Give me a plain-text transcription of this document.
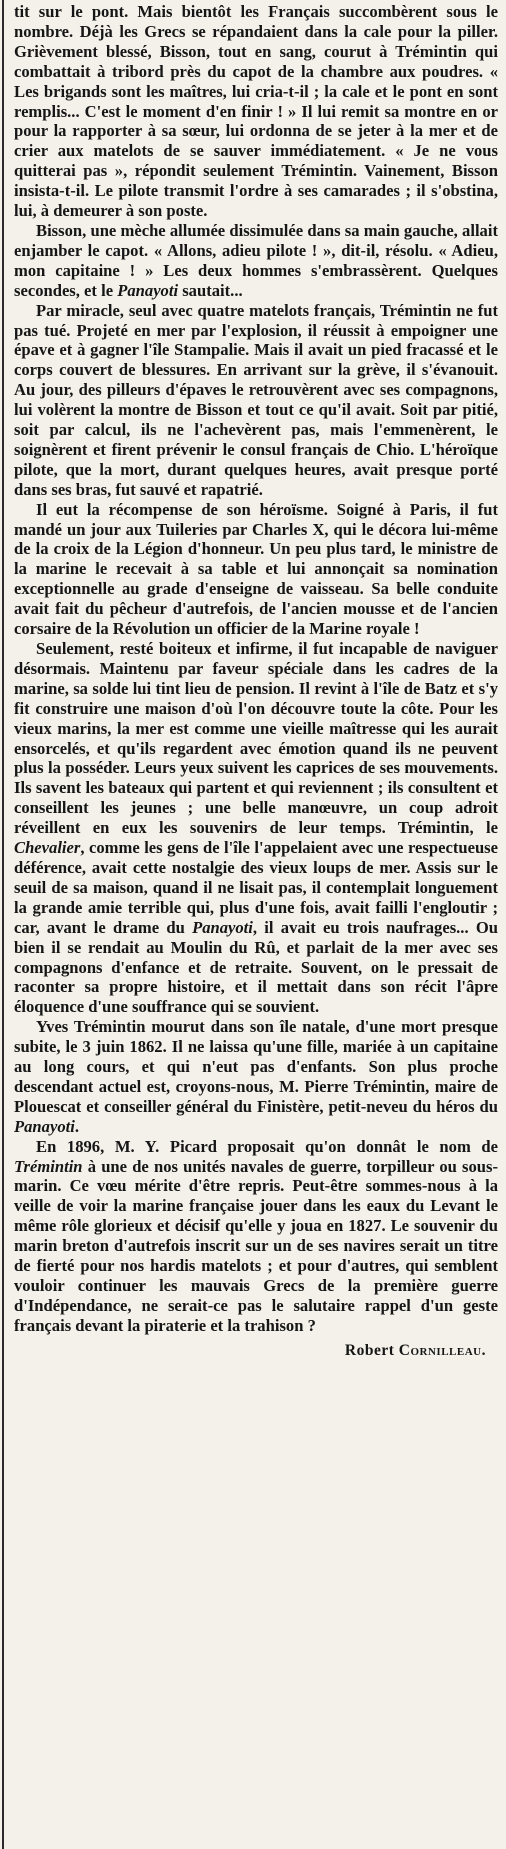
tit sur le pont. Mais bientôt les Français succombèrent sous le nombre. Déjà les Grecs se répandaient dans la cale pour la piller. Grièvement blessé, Bisson, tout en sang, courut à Trémintin qui combattait à tribord près du capot de la chambre aux poudres. « Les brigands sont les maîtres, lui cria-t-il ; la cale et le pont en sont remplis... C'est le moment d'en finir ! » Il lui remit sa montre en or pour la rapporter à sa sœur, lui ordonna de se jeter à la mer et de crier aux matelots de se sauver immédiatement. « Je ne vous quitterai pas », répondit seulement Trémintin. Vainement, Bisson insista-t-il. Le pilote transmit l'ordre à ses camarades ; il s'obstina, lui, à demeurer à son poste.

Bisson, une mèche allumée dissimulée dans sa main gauche, allait enjamber le capot. « Allons, adieu pilote ! », dit-il, résolu. « Adieu, mon capitaine ! » Les deux hommes s'embrassèrent. Quelques secondes, et le Panayoti sautait...

Par miracle, seul avec quatre matelots français, Trémintin ne fut pas tué. Projeté en mer par l'explosion, il réussit à empoigner une épave et à gagner l'île Stampalie. Mais il avait un pied fracassé et le corps couvert de blessures. En arrivant sur la grève, il s'évanouit. Au jour, des pilleurs d'épaves le retrouvèrent avec ses compagnons, lui volèrent la montre de Bisson et tout ce qu'il avait. Soit par pitié, soit par calcul, ils ne l'achevèrent pas, mais l'emmenèrent, le soignèrent et firent prévenir le consul français de Chio. L'héroïque pilote, que la mort, durant quelques heures, avait presque porté dans ses bras, fut sauvé et rapatrié.

Il eut la récompense de son héroïsme. Soigné à Paris, il fut mandé un jour aux Tuileries par Charles X, qui le décora lui-même de la croix de la Légion d'honneur. Un peu plus tard, le ministre de la marine le recevait à sa table et lui annonçait sa nomination exceptionnelle au grade d'enseigne de vaisseau. Sa belle conduite avait fait du pêcheur d'autrefois, de l'ancien mousse et de l'ancien corsaire de la Révolution un officier de la Marine royale !

Seulement, resté boiteux et infirme, il fut incapable de naviguer désormais. Maintenu par faveur spéciale dans les cadres de la marine, sa solde lui tint lieu de pension. Il revint à l'île de Batz et s'y fit construire une maison d'où l'on découvre toute la côte. Pour les vieux marins, la mer est comme une vieille maîtresse qui les aurait ensorcelés, et qu'ils regardent avec émotion quand ils ne peuvent plus la posséder. Leurs yeux suivent les caprices de ses mouvements. Ils savent les bateaux qui partent et qui reviennent ; ils consultent et conseillent les jeunes ; une belle manœuvre, un coup adroit réveillent en eux les souvenirs de leur temps. Trémintin, le Chevalier, comme les gens de l'île l'appelaient avec une respectueuse déférence, avait cette nostalgie des vieux loups de mer. Assis sur le seuil de sa maison, quand il ne lisait pas, il contemplait longuement la grande amie terrible qui, plus d'une fois, avait failli l'engloutir ; car, avant le drame du Panayoti, il avait eu trois naufrages... Ou bien il se rendait au Moulin du Rû, et parlait de la mer avec ses compagnons d'enfance et de retraite. Souvent, on le pressait de raconter sa propre histoire, et il mettait dans son récit l'âpre éloquence d'une souffrance qui se souvient.

Yves Trémintin mourut dans son île natale, d'une mort presque subite, le 3 juin 1862. Il ne laissa qu'une fille, mariée à un capitaine au long cours, et qui n'eut pas d'enfants. Son plus proche descendant actuel est, croyons-nous, M. Pierre Trémintin, maire de Plouescat et conseiller général du Finistère, petit-neveu du héros du Panayoti.

En 1896, M. Y. Picard proposait qu'on donnât le nom de Trémintin à une de nos unités navales de guerre, torpilleur ou sous-marin. Ce vœu mérite d'être repris. Peut-être sommes-nous à la veille de voir la marine française jouer dans les eaux du Levant le même rôle glorieux et décisif qu'elle y joua en 1827. Le souvenir du marin breton d'autrefois inscrit sur un de ses navires serait un titre de fierté pour nos hardis matelots ; et pour d'autres, qui semblent vouloir continuer les mauvais Grecs de la première guerre d'Indépendance, ne serait-ce pas le salutaire rappel d'un geste français devant la piraterie et la trahison ?

Robert Cornilleau.
